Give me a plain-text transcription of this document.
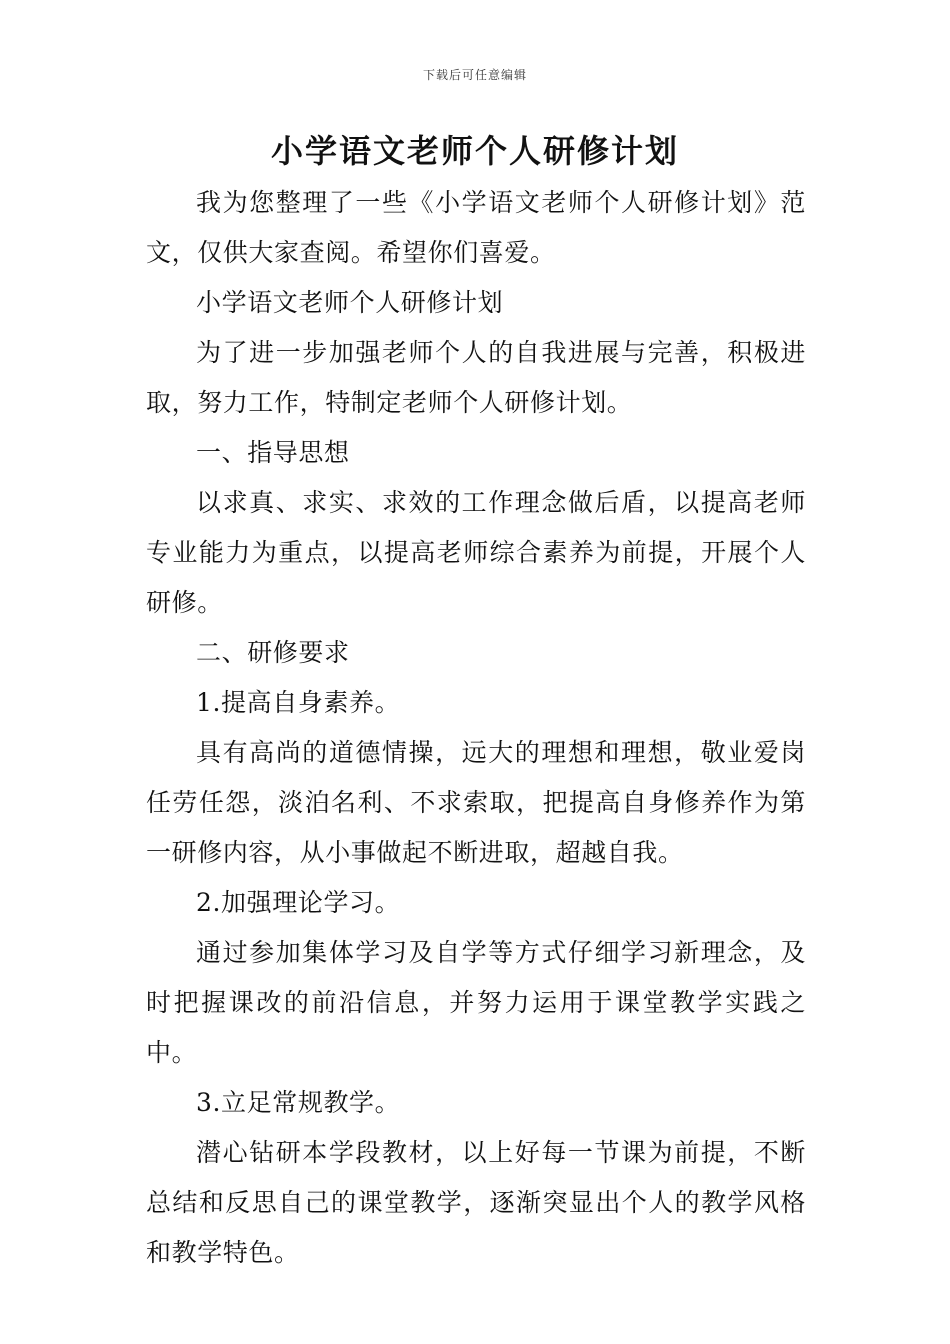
下载后可任意编辑
小学语文老师个人研修计划

我为您整理了一些《小学语文老师个人研修计划》范文，仅供大家查阅。希望你们喜爱。

小学语文老师个人研修计划

为了进一步加强老师个人的自我进展与完善，积极进取，努力工作，特制定老师个人研修计划。

一、指导思想

以求真、求实、求效的工作理念做后盾，以提高老师专业能力为重点，以提高老师综合素养为前提，开展个人研修。

二、研修要求

1.提高自身素养。

具有高尚的道德情操，远大的理想和理想，敬业爱岗任劳任怨，淡泊名利、不求索取，把提高自身修养作为第一研修内容，从小事做起不断进取，超越自我。

2.加强理论学习。

通过参加集体学习及自学等方式仔细学习新理念，及时把握课改的前沿信息，并努力运用于课堂教学实践之中。

3.立足常规教学。

潜心钻研本学段教材，以上好每一节课为前提，不断总结和反思自己的课堂教学，逐渐突显出个人的教学风格和教学特色。
